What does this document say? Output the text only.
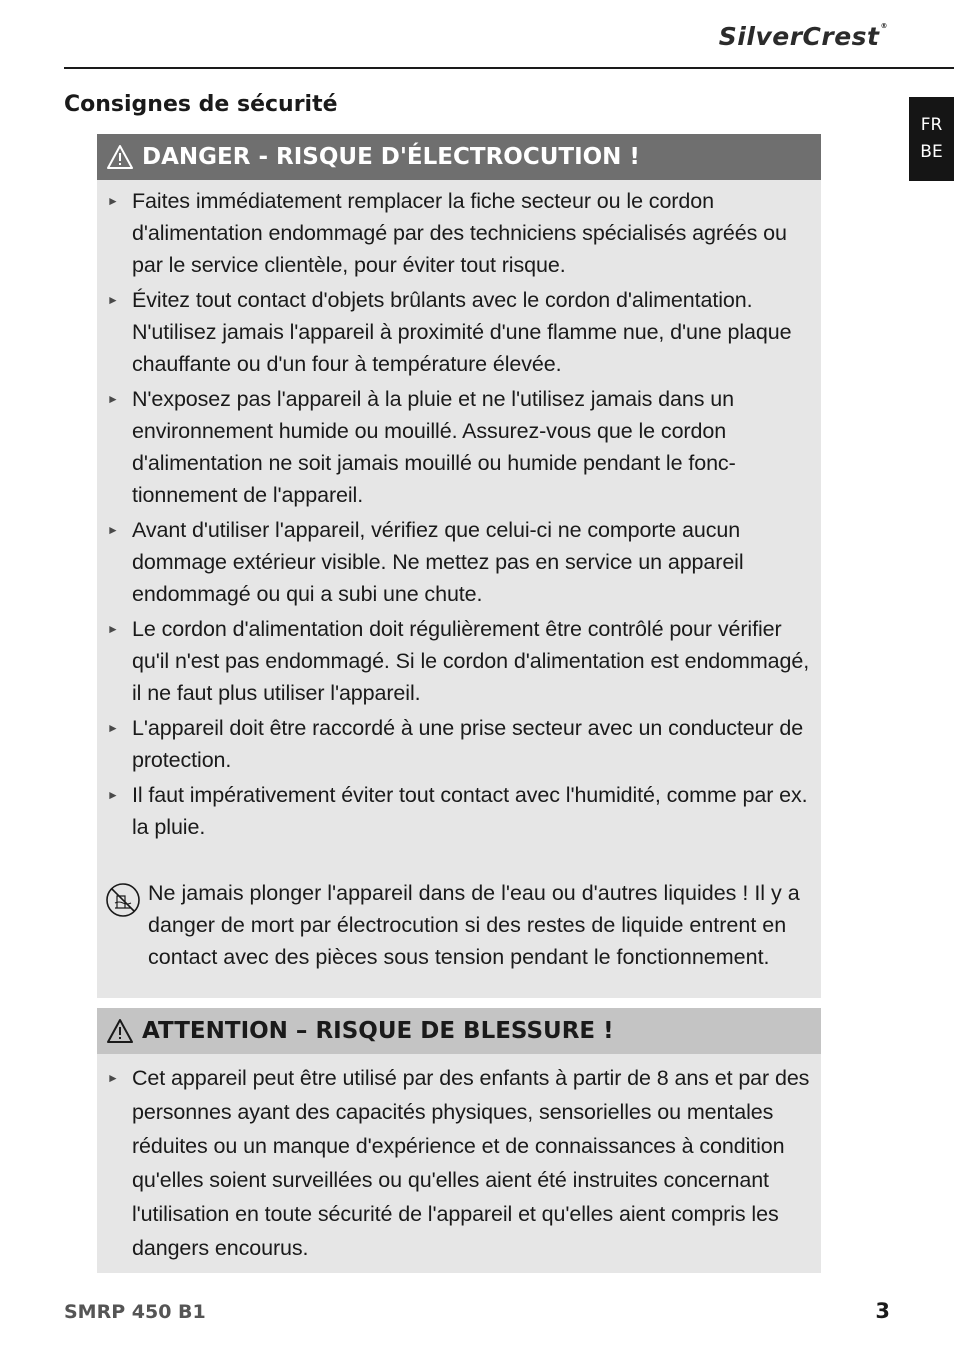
SilverCrest®
FR
BE
Consignes de sécurité
DANGER - RISQUE D'ÉLECTROCUTION !
► Faites immédiatement remplacer la fiche secteur ou le cordon d'alimentation endommagé par des techniciens spécialisés agréés ou par le service clientèle, pour éviter tout risque.
► Évitez tout contact d'objets brûlants avec le cordon d'alimentation. N'utilisez jamais l'appareil à proximité d'une flamme nue, d'une plaque chauffante ou d'un four à température élevée.
► N'exposez pas l'appareil à la pluie et ne l'utilisez jamais dans un environnement humide ou mouillé. Assurez-vous que le cordon d'alimentation ne soit jamais mouillé ou humide pendant le fonctionnement de l'appareil.
► Avant d'utiliser l'appareil, vérifiez que celui-ci ne comporte aucun dommage extérieur visible. Ne mettez pas en service un appareil endommagé ou qui a subi une chute.
► Le cordon d'alimentation doit régulièrement être contrôlé pour vérifier qu'il n'est pas endommagé. Si le cordon d'alimentation est endommagé, il ne faut plus utiliser l'appareil.
► L'appareil doit être raccordé à une prise secteur avec un conducteur de protection.
► Il faut impérativement éviter tout contact avec l'humidité, comme par ex. la pluie.

Ne jamais plonger l'appareil dans de l'eau ou d'autres liquides ! Il y a danger de mort par électrocution si des restes de liquide entrent en contact avec des pièces sous tension pendant le fonctionnement.

ATTENTION – RISQUE DE BLESSURE !
► Cet appareil peut être utilisé par des enfants à partir de 8 ans et par des personnes ayant des capacités physiques, sensorielles ou mentales réduites ou un manque d'expérience et de connaissances à condition qu'elles soient surveillées ou qu'elles aient été instruites concernant l'utilisation en toute sécurité de l'appareil et qu'elles aient compris les dangers encourus.
SMRP 450 B1	3
